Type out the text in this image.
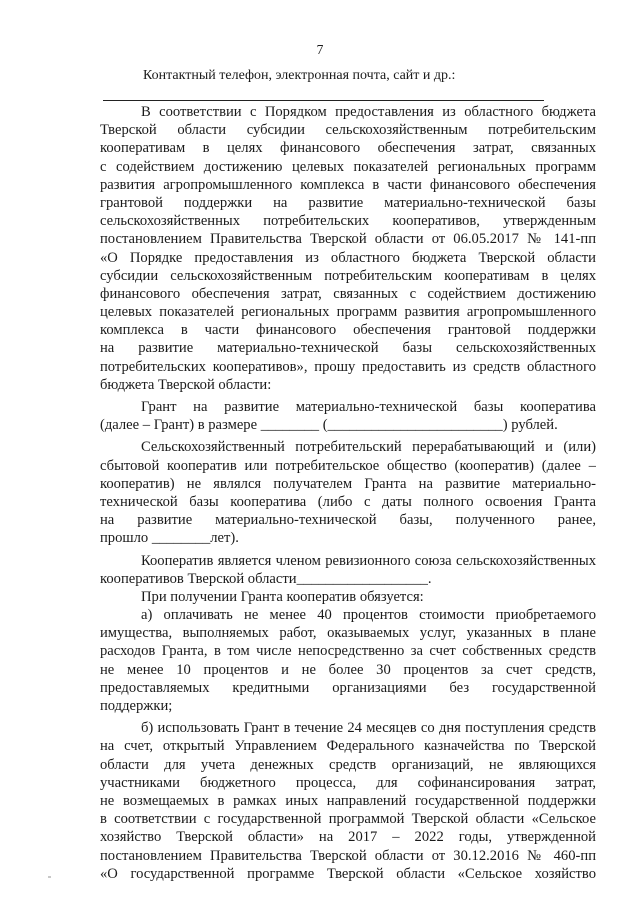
7
Контактный телефон, электронная почта, сайт и др.:
В соответствии с Порядком предоставления из областного бюджета
Тверской области субсидии сельскохозяйственным потребительским
кооперативам в целях финансового обеспечения затрат, связанных
с содействием достижению целевых показателей региональных программ
развития агропромышленного комплекса в части финансового обеспечения
грантовой поддержки на развитие материально-технической базы
сельскохозяйственных потребительских кооперативов, утвержденным
постановлением Правительства Тверской области от 06.05.2017 № 141-пп
«О Порядке предоставления из областного бюджета Тверской области
субсидии сельскохозяйственным потребительским кооперативам в целях
финансового обеспечения затрат, связанных с содействием достижению
целевых показателей региональных программ развития агропромышленного
комплекса в части финансового обеспечения грантовой поддержки
на развитие материально-технической базы сельскохозяйственных
потребительских кооперативов», прошу предоставить из средств областного
бюджета Тверской области:
Грант на развитие материально-технической базы кооператива
(далее – Грант) в размере ________ (________________________) рублей.
Сельскохозяйственный потребительский перерабатывающий и (или)
сбытовой кооператив или потребительское общество (кооператив) (далее –
кооператив) не являлся получателем Гранта на развитие материально-
технической базы кооператива (либо с даты полного освоения Гранта
на развитие материально-технической базы, полученного ранее,
прошло ________лет).
Кооператив является членом ревизионного союза сельскохозяйственных
кооперативов Тверской области__________________.
При получении Гранта кооператив обязуется:
а) оплачивать не менее 40 процентов стоимости приобретаемого
имущества, выполняемых работ, оказываемых услуг, указанных в плане
расходов Гранта, в том числе непосредственно за счет собственных средств
не менее 10 процентов и не более 30 процентов за счет средств,
предоставляемых кредитными организациями без государственной
поддержки;
б) использовать Грант в течение 24 месяцев со дня поступления средств
на счет, открытый Управлением Федерального казначейства по Тверской
области для учета денежных средств организаций, не являющихся
участниками бюджетного процесса, для софинансирования затрат,
не возмещаемых в рамках иных направлений государственной поддержки
в соответствии с государственной программой Тверской области «Сельское
хозяйство Тверской области» на 2017 – 2022 годы, утвержденной
постановлением Правительства Тверской области от 30.12.2016 № 460-пп
«О государственной программе Тверской области «Сельское хозяйство
